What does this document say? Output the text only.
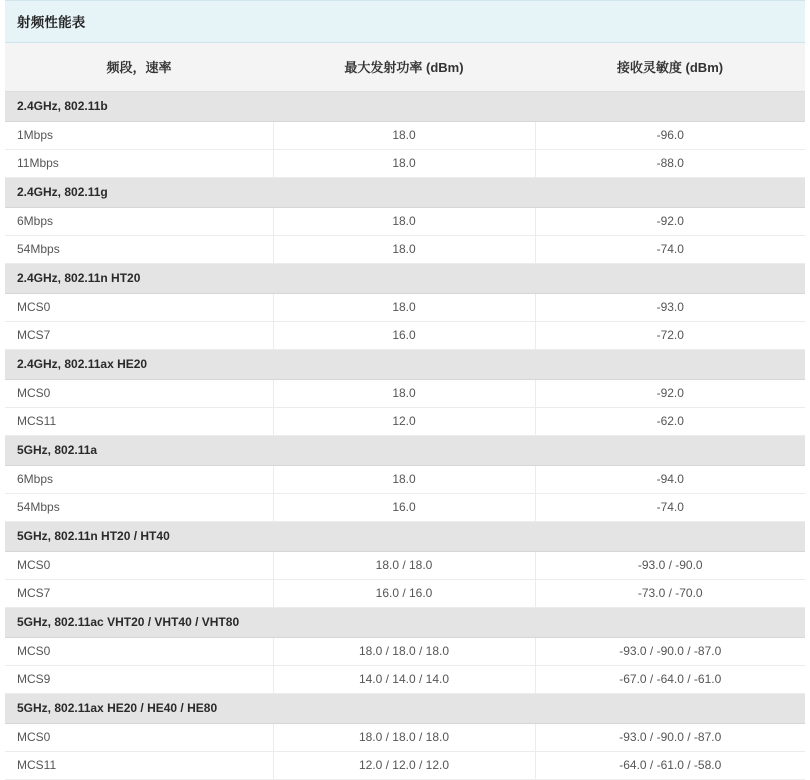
射频性能表		
频段，速率	最大发射功率 (dBm)	接收灵敏度 (dBm)
2.4GHz, 802.11b		
1Mbps	18.0	-96.0
11Mbps	18.0	-88.0
2.4GHz, 802.11g		
6Mbps	18.0	-92.0
54Mbps	18.0	-74.0
2.4GHz, 802.11n HT20		
MCS0	18.0	-93.0
MCS7	16.0	-72.0
2.4GHz, 802.11ax HE20		
MCS0	18.0	-92.0
MCS11	12.0	-62.0
5GHz, 802.11a		
6Mbps	18.0	-94.0
54Mbps	16.0	-74.0
5GHz, 802.11n HT20 / HT40		
MCS0	18.0 / 18.0	-93.0 / -90.0
MCS7	16.0 / 16.0	-73.0 / -70.0
5GHz, 802.11ac VHT20 / VHT40 / VHT80		
MCS0	18.0 / 18.0 / 18.0	-93.0 / -90.0 / -87.0
MCS9	14.0 / 14.0 / 14.0	-67.0 / -64.0 / -61.0
5GHz, 802.11ax HE20 / HE40 / HE80		
MCS0	18.0 / 18.0 / 18.0	-93.0 / -90.0 / -87.0
MCS11	12.0 / 12.0 / 12.0	-64.0 / -61.0 / -58.0
